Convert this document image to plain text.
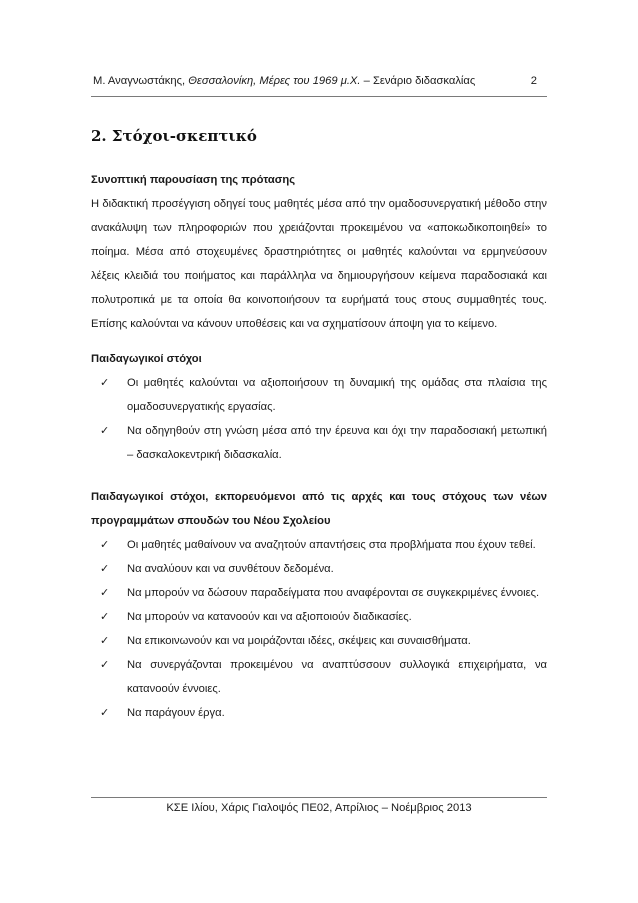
Μ. Αναγνωστάκης, Θεσσαλονίκη, Μέρες του 1969 μ.Χ. – Σενάριο διδασκαλίας	2
2. Στόχοι-σκεπτικό

Συνοπτική παρουσίαση της πρότασης

Η διδακτική προσέγγιση οδηγεί τους μαθητές μέσα από την ομαδοσυνεργατική μέθοδο στην ανακάλυψη των πληροφοριών που χρειάζονται προκειμένου να «αποκωδικοποιηθεί» το ποίημα. Μέσα από στοχευμένες δραστηριότητες οι μαθητές καλούνται να ερμηνεύσουν λέξεις κλειδιά του ποιήματος και παράλληλα να δημιουργήσουν κείμενα παραδοσιακά και πολυτροπικά με τα οποία θα κοινοποιήσουν τα ευρήματά τους στους συμμαθητές τους. Επίσης καλούνται να κάνουν υποθέσεις και να σχηματίσουν άποψη για το κείμενο.

Παιδαγωγικοί στόχοι

✓ Οι μαθητές καλούνται να αξιοποιήσουν τη δυναμική της ομάδας στα πλαίσια της ομαδοσυνεργατικής εργασίας.
✓ Να οδηγηθούν στη γνώση μέσα από την έρευνα και όχι την παραδοσιακή μετωπική – δασκαλοκεντρική διδασκαλία.

Παιδαγωγικοί στόχοι, εκπορευόμενοι από τις αρχές και τους στόχους των νέων προγραμμάτων σπουδών του Νέου Σχολείου

✓ Οι μαθητές μαθαίνουν να αναζητούν απαντήσεις στα προβλήματα που έχουν τεθεί.
✓ Να αναλύουν και να συνθέτουν δεδομένα.
✓ Να μπορούν να δώσουν παραδείγματα που αναφέρονται σε συγκεκριμένες έννοιες.
✓ Να μπορούν να κατανοούν και να αξιοποιούν διαδικασίες.
✓ Να επικοινωνούν και να μοιράζονται ιδέες, σκέψεις και συναισθήματα.
✓ Να συνεργάζονται προκειμένου να αναπτύσσουν συλλογικά επιχειρήματα, να κατανοούν έννοιες.
✓ Να παράγουν έργα.
ΚΣΕ Ιλίου, Χάρις Γιαλοψός ΠΕ02, Απρίλιος – Νοέμβριος 2013
